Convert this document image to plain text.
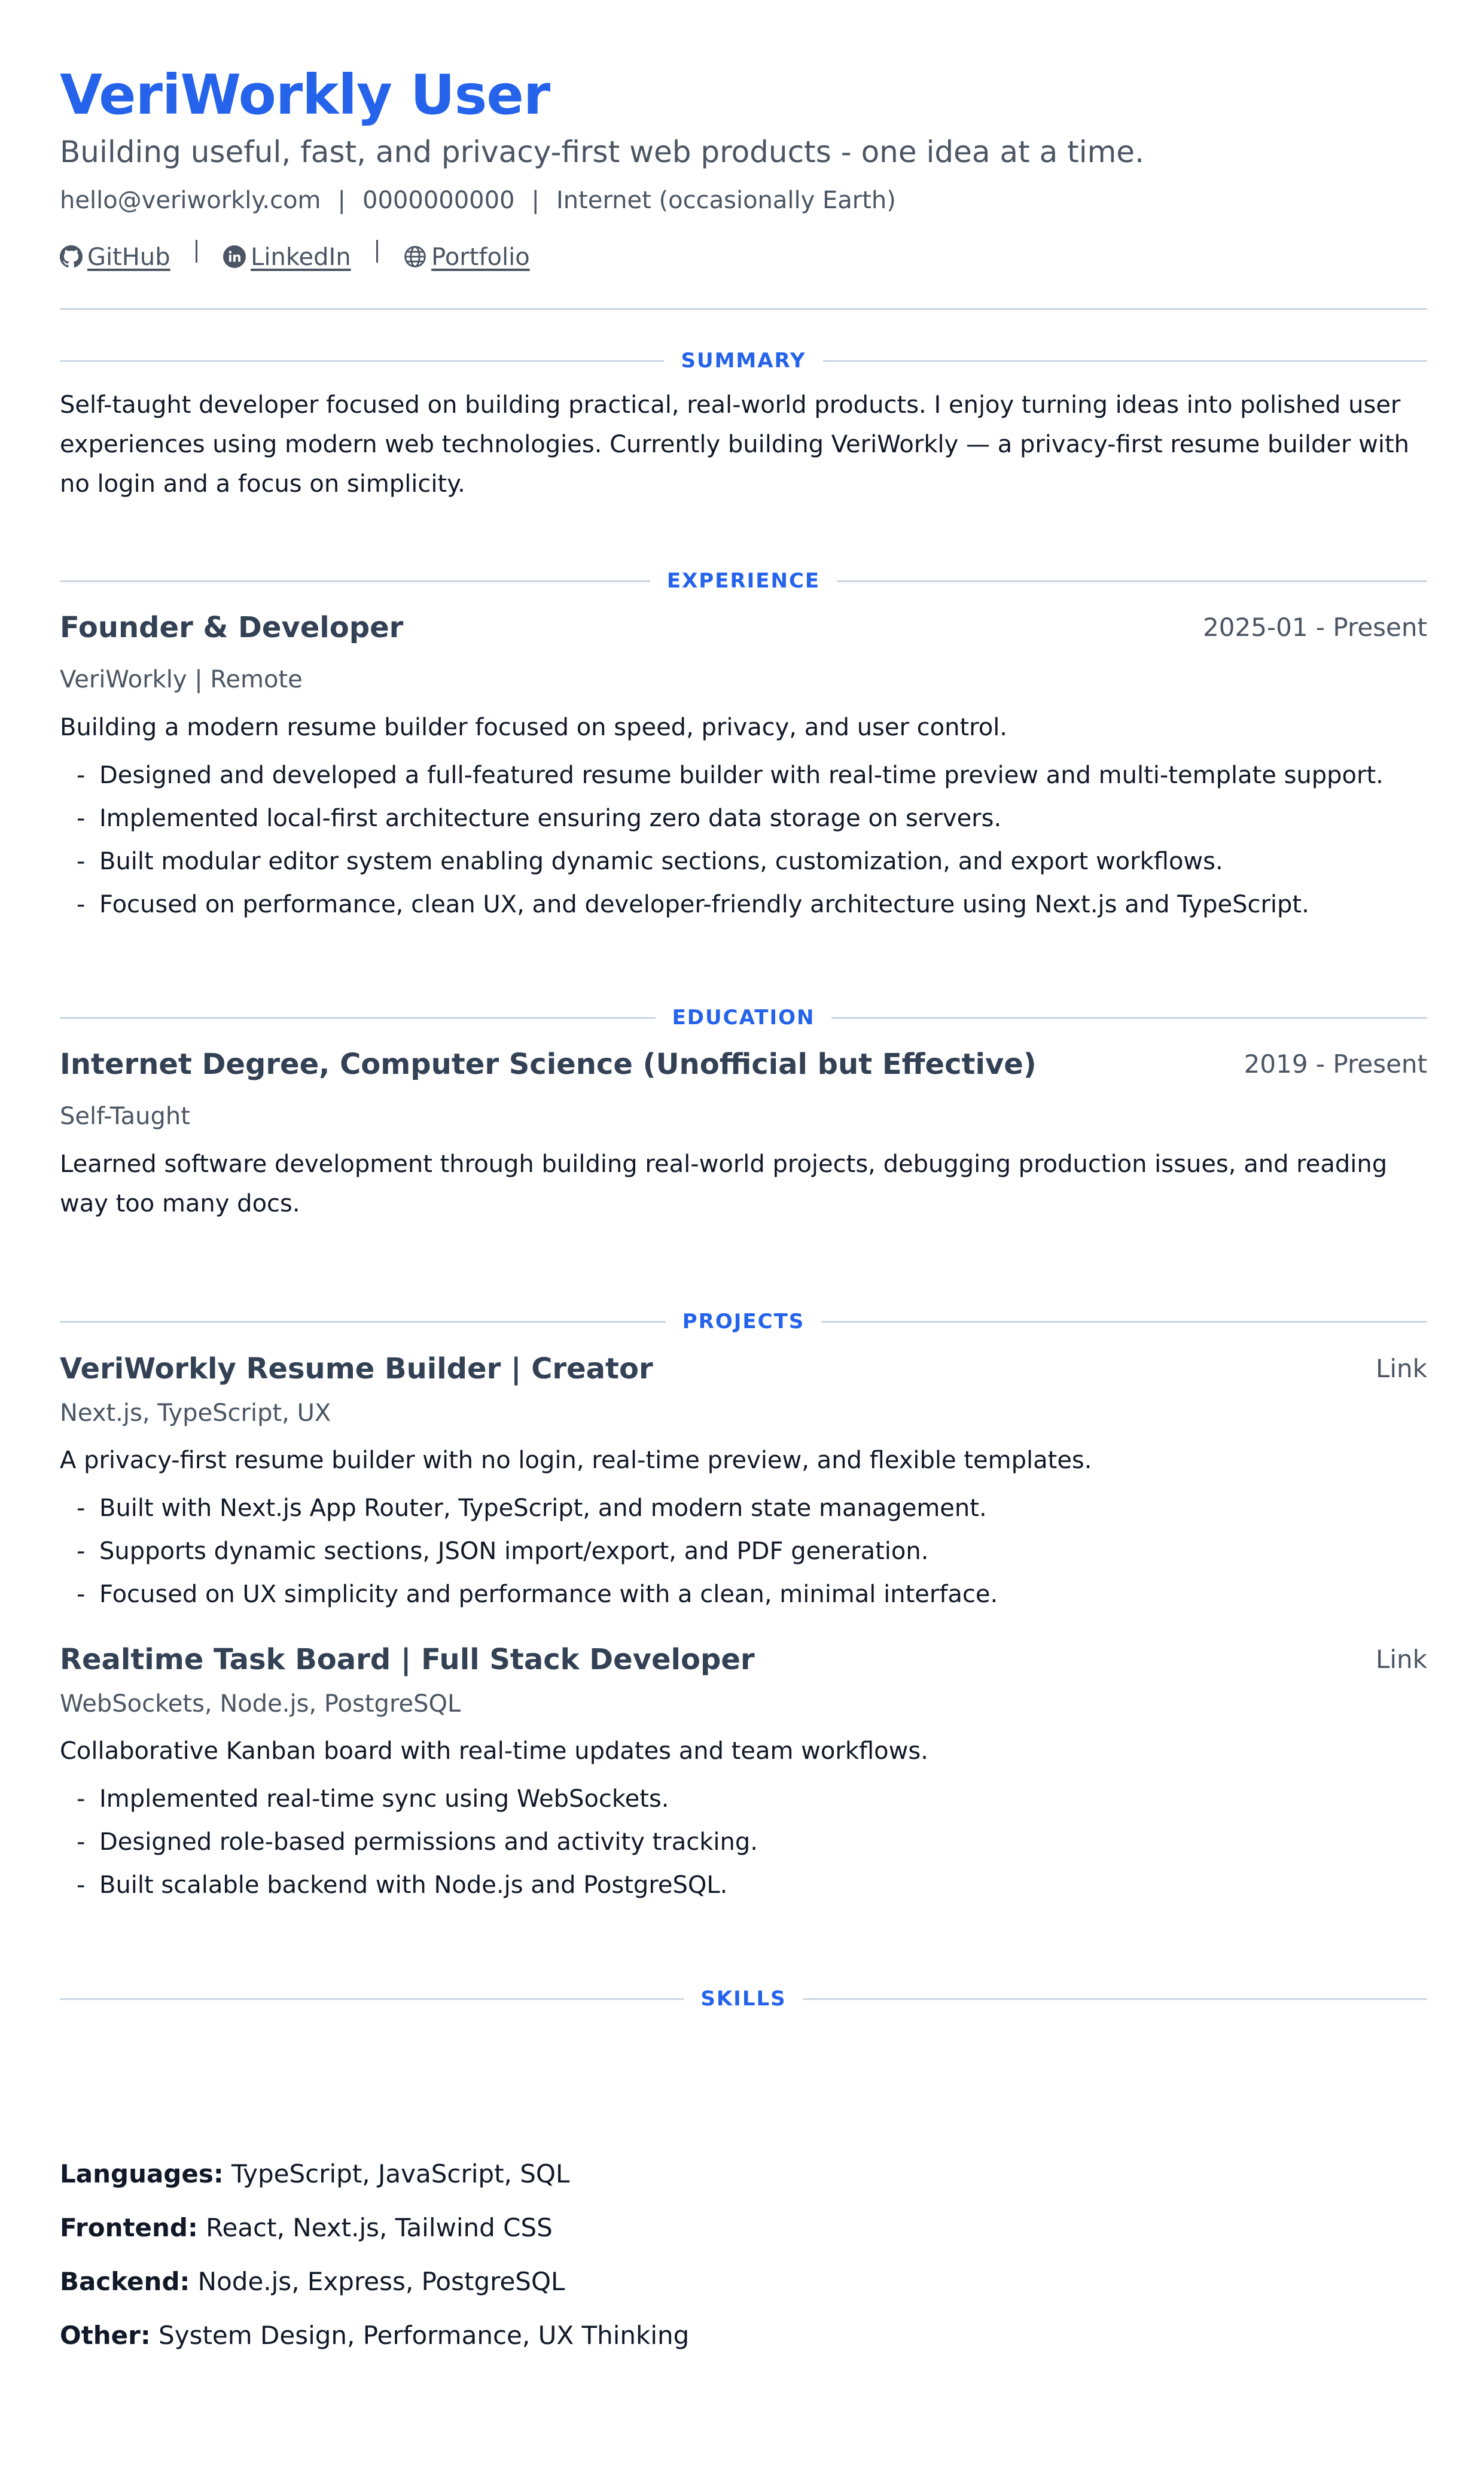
VeriWorkly User
Building useful, fast, and privacy-first web products - one idea at a time.
hello@veriworkly.com | 0000000000 | Internet (occasionally Earth)
GitHub	LinkedIn	Portfolio
SUMMARY
Self-taught developer focused on building practical, real-world products. I enjoy turning ideas into polished user experiences using modern web technologies. Currently building VeriWorkly — a privacy-first resume builder with no login and a focus on simplicity.
EXPERIENCE
Founder & Developer	2025-01 - Present
VeriWorkly | Remote
Building a modern resume builder focused on speed, privacy, and user control.
- Designed and developed a full-featured resume builder with real-time preview and multi-template support.
- Implemented local-first architecture ensuring zero data storage on servers.
- Built modular editor system enabling dynamic sections, customization, and export workflows.
- Focused on performance, clean UX, and developer-friendly architecture using Next.js and TypeScript.
EDUCATION
Internet Degree, Computer Science (Unofficial but Effective)	2019 - Present
Self-Taught
Learned software development through building real-world projects, debugging production issues, and reading way too many docs.
PROJECTS
VeriWorkly Resume Builder | Creator	Link
Next.js, TypeScript, UX
A privacy-first resume builder with no login, real-time preview, and flexible templates.
- Built with Next.js App Router, TypeScript, and modern state management.
- Supports dynamic sections, JSON import/export, and PDF generation.
- Focused on UX simplicity and performance with a clean, minimal interface.
Realtime Task Board | Full Stack Developer	Link
WebSockets, Node.js, PostgreSQL
Collaborative Kanban board with real-time updates and team workflows.
- Implemented real-time sync using WebSockets.
- Designed role-based permissions and activity tracking.
- Built scalable backend with Node.js and PostgreSQL.
SKILLS
Languages: TypeScript, JavaScript, SQL
Frontend: React, Next.js, Tailwind CSS
Backend: Node.js, Express, PostgreSQL
Other: System Design, Performance, UX Thinking
